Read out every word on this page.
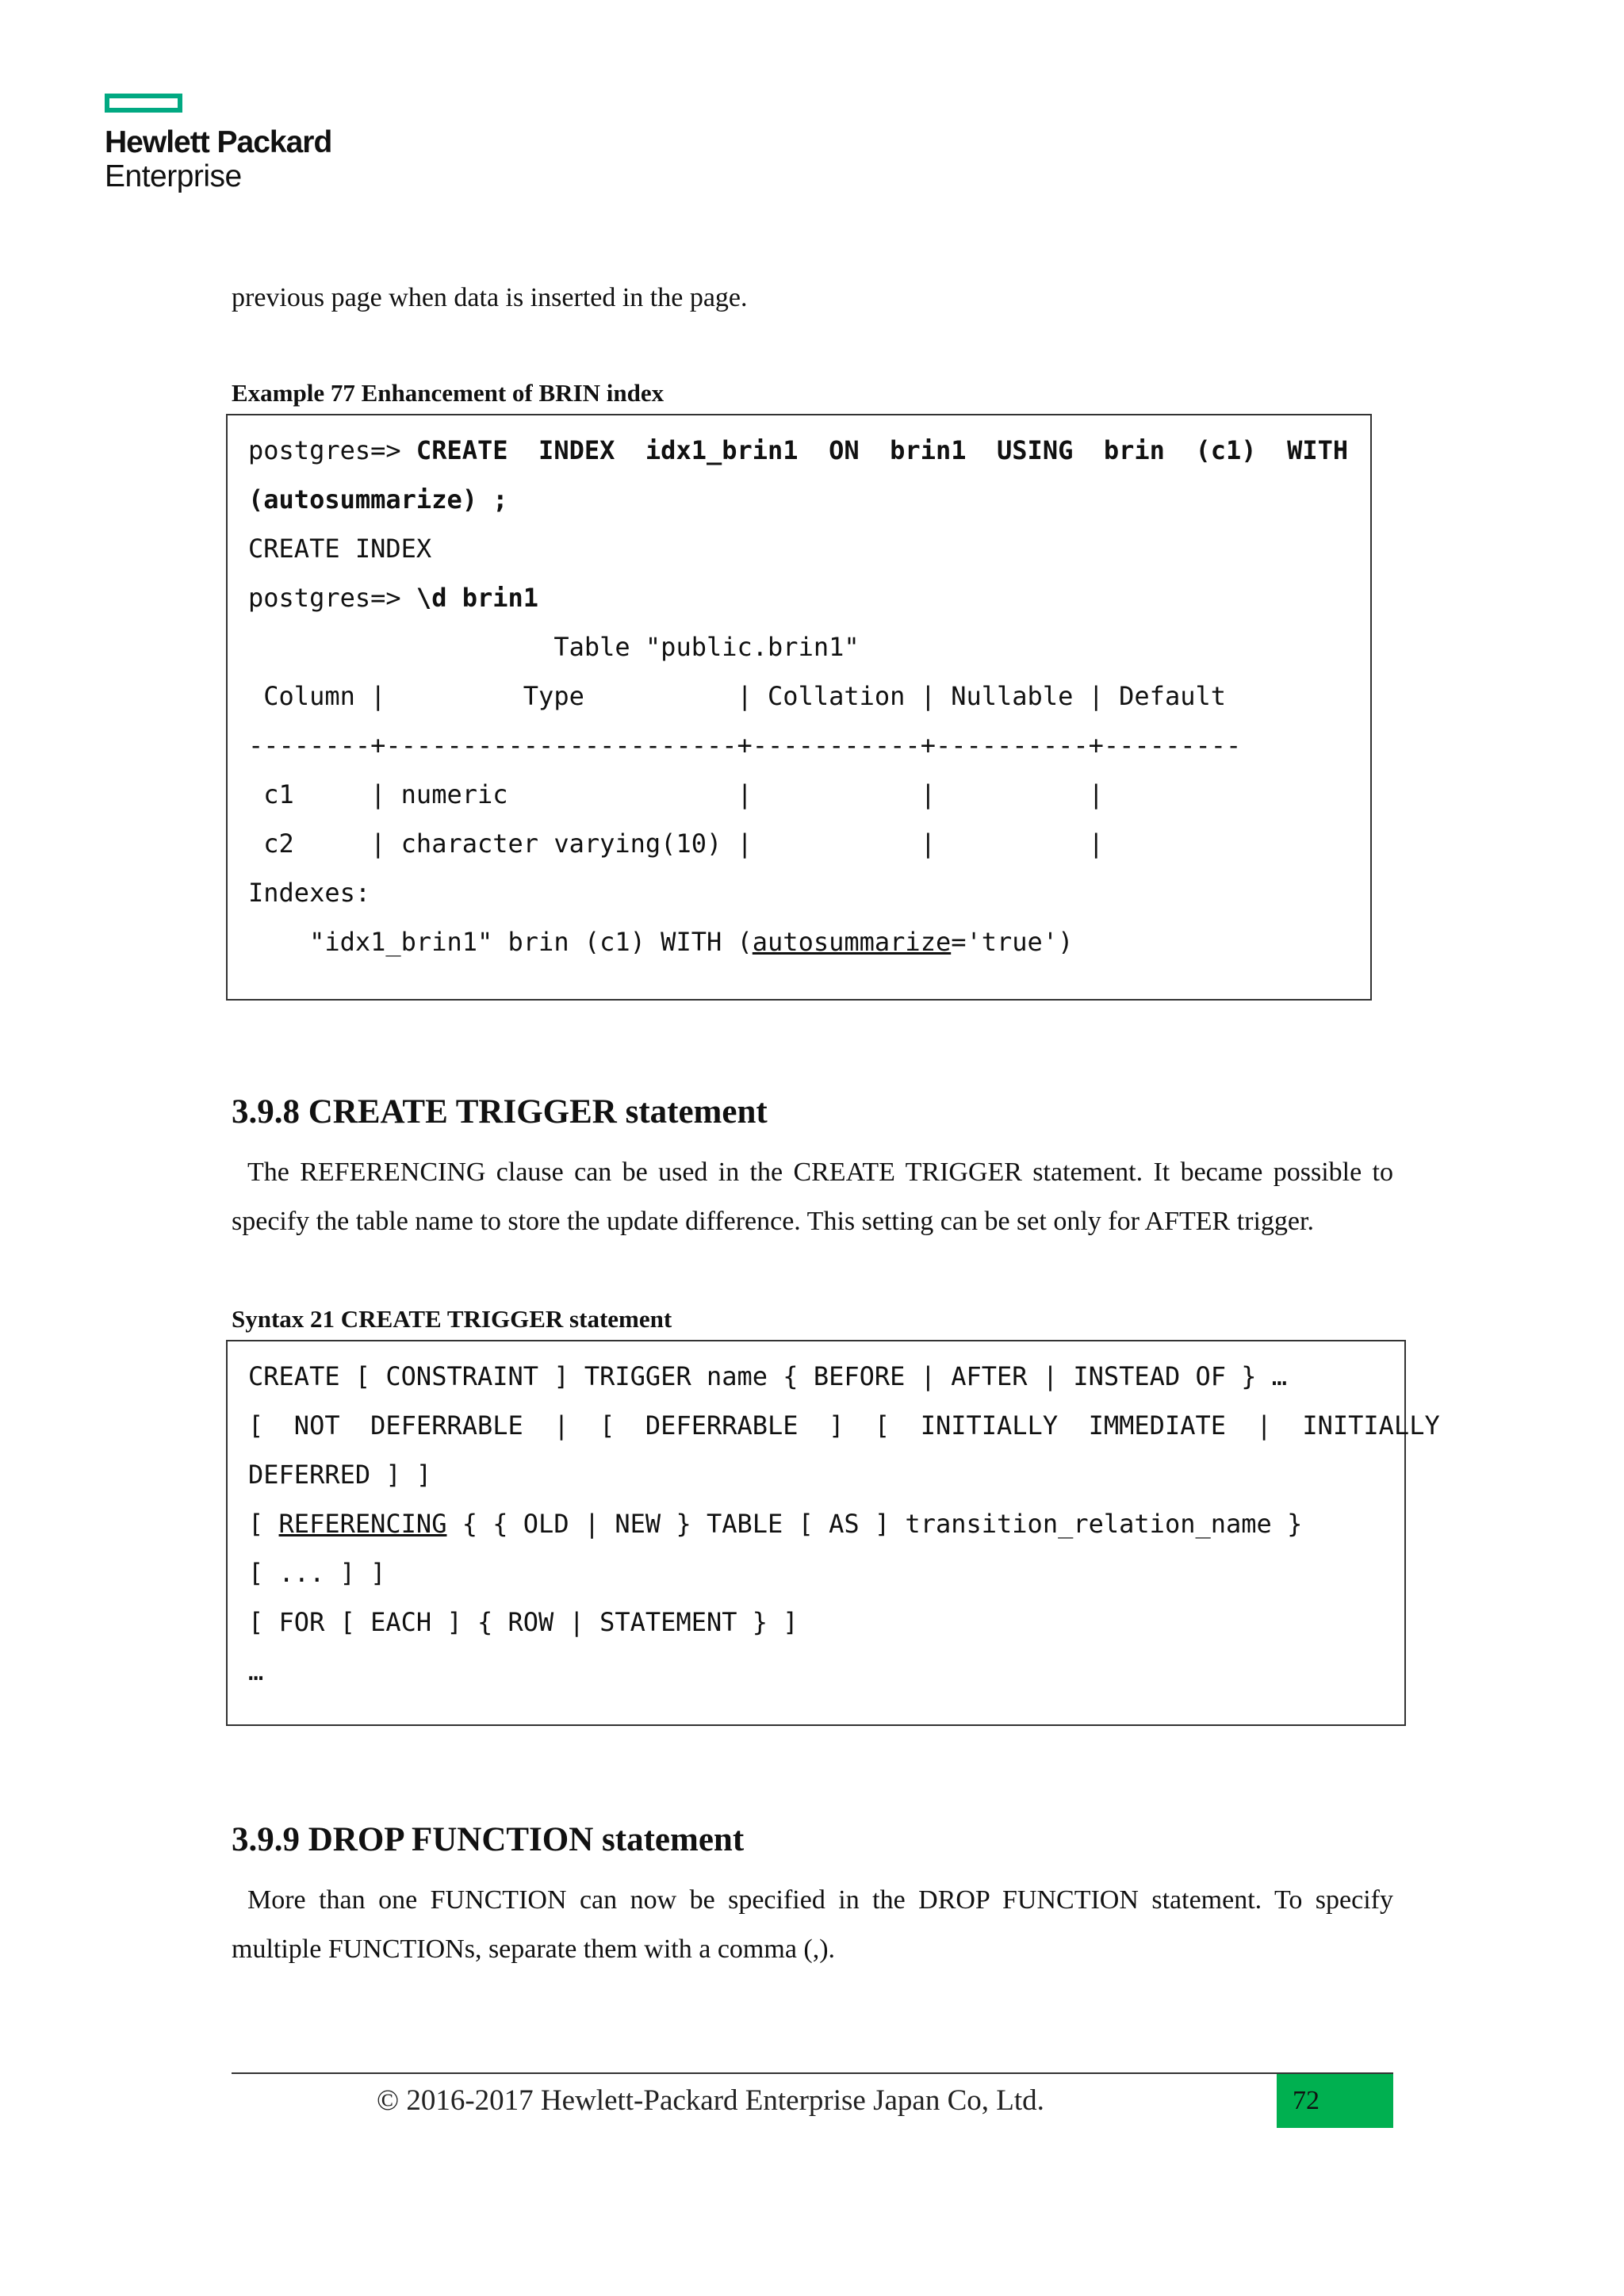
Hewlett Packard
Enterprise
previous page when data is inserted in the page.
Example 77 Enhancement of BRIN index
postgres=> CREATE  INDEX  idx1_brin1  ON  brin1  USING  brin  (c1)  WITH
(autosummarize) ;
CREATE INDEX
postgres=> \d brin1
Table "public.brin1"
Column |         Type          | Collation | Nullable | Default
--------+-----------------------+-----------+----------+---------
c1     | numeric               |           |          |
c2     | character varying(10) |           |          |
Indexes:
"idx1_brin1" brin (c1) WITH (autosummarize='true')
3.9.8 CREATE TRIGGER statement
The REFERENCING clause can be used in the CREATE TRIGGER statement. It became possible to specify the table name to store the update difference. This setting can be set only for AFTER trigger.
Syntax 21 CREATE TRIGGER statement
CREATE [ CONSTRAINT ] TRIGGER name { BEFORE | AFTER | INSTEAD OF } …
[  NOT  DEFERRABLE  |  [  DEFERRABLE  ]  [  INITIALLY  IMMEDIATE  |  INITIALLY
DEFERRED ] ]
[ REFERENCING { { OLD | NEW } TABLE [ AS ] transition_relation_name }
[ ... ] ]
[ FOR [ EACH ] { ROW | STATEMENT } ]
…
3.9.9 DROP FUNCTION statement
More than one FUNCTION can now be specified in the DROP FUNCTION statement. To specify multiple FUNCTIONs, separate them with a comma (,).
© 2016-2017 Hewlett-Packard Enterprise Japan Co, Ltd.	72
